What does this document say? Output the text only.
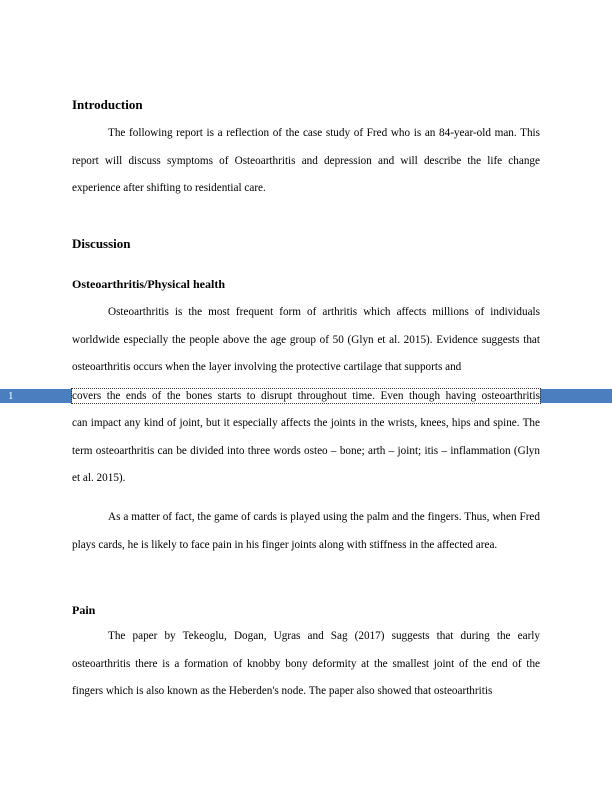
1
Introduction

The following report is a reflection of the case study of Fred who is an 84-year-old man. This report will discuss symptoms of Osteoarthritis and depression and will describe the life change experience after shifting to residential care.

Discussion
Osteoarthritis/Physical health

Osteoarthritis is the most frequent form of arthritis which affects millions of individuals worldwide especially the people above the age group of 50 (Glyn et al. 2015). Evidence suggests that osteoarthritis occurs when the layer involving the protective cartilage that supports and

covers the ends of the bones starts to disrupt throughout time. Even though having osteoarthritis

can impact any kind of joint, but it especially affects the joints in the wrists, knees, hips and spine. The term osteoarthritis can be divided into three words osteo – bone; arth – joint; itis – inflammation (Glyn et al. 2015).

As a matter of fact, the game of cards is played using the palm and the fingers. Thus, when Fred plays cards, he is likely to face pain in his finger joints along with stiffness in the affected area.

Pain

The paper by Tekeoglu, Dogan, Ugras and Sag (2017) suggests that during the early osteoarthritis there is a formation of knobby bony deformity at the smallest joint of the end of the fingers which is also known as the Heberden's node. The paper also showed that osteoarthritis
